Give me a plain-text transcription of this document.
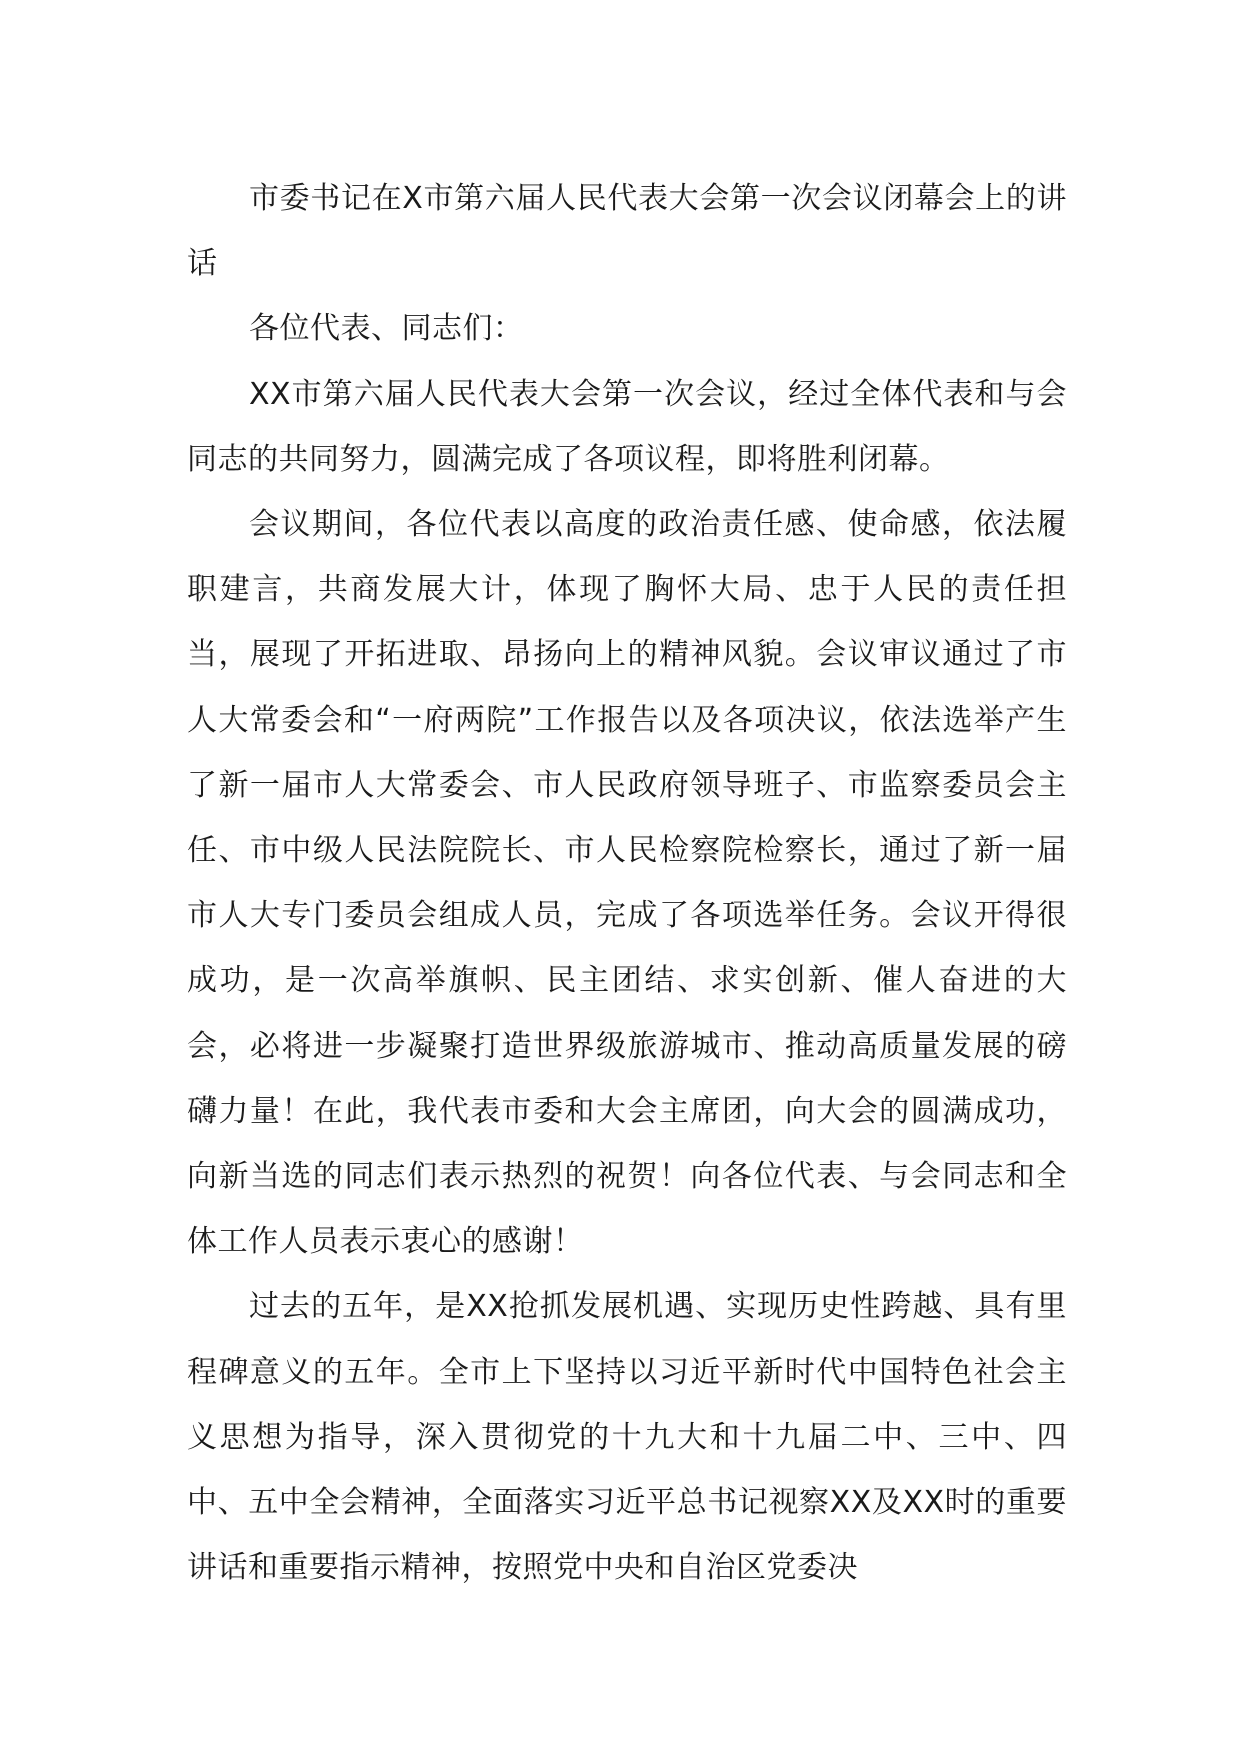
市委书记在X市第六届人民代表大会第一次会议闭幕会上的讲话

各位代表、同志们：

XX市第六届人民代表大会第一次会议，经过全体代表和与会同志的共同努力，圆满完成了各项议程，即将胜利闭幕。

会议期间，各位代表以高度的政治责任感、使命感，依法履职建言，共商发展大计，体现了胸怀大局、忠于人民的责任担当，展现了开拓进取、昂扬向上的精神风貌。会议审议通过了市人大常委会和“一府两院”工作报告以及各项决议，依法选举产生了新一届市人大常委会、市人民政府领导班子、市监察委员会主任、市中级人民法院院长、市人民检察院检察长，通过了新一届市人大专门委员会组成人员，完成了各项选举任务。会议开得很成功，是一次高举旗帜、民主团结、求实创新、催人奋进的大会，必将进一步凝聚打造世界级旅游城市、推动高质量发展的磅礴力量！在此，我代表市委和大会主席团，向大会的圆满成功，向新当选的同志们表示热烈的祝贺！向各位代表、与会同志和全体工作人员表示衷心的感谢！

过去的五年，是XX抢抓发展机遇、实现历史性跨越、具有里程碑意义的五年。全市上下坚持以习近平新时代中国特色社会主义思想为指导，深入贯彻党的十九大和十九届二中、三中、四中、五中全会精神，全面落实习近平总书记视察XX及XX时的重要讲话和重要指示精神，按照党中央和自治区党委决
